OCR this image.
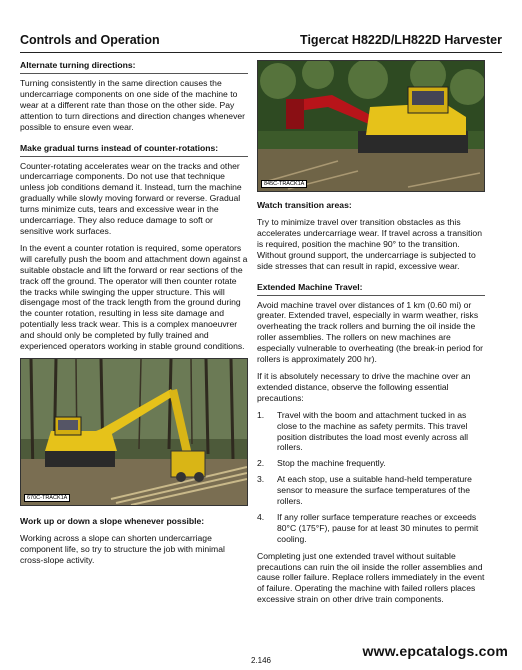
Controls and Operation	Tigercat H822D/LH822D Harvester
Alternate turning directions:

Turning consistently in the same direction causes the undercarriage components on one side of the machine to wear at a different rate than those on the other side. Pay attention to turn directions and direction changes whenever possible to ensure even wear.

Make gradual turns instead of counter-rotations:

Counter-rotating accelerates wear on the tracks and other undercarriage components. Do not use that technique unless job conditions demand it. Instead, turn the machine gradually while slowly moving forward or reverse. Gradual turns minimize cuts, tears and excessive wear in the undercarriage. They also reduce damage to soft or sensitive work surfaces.

In the event a counter rotation is required, some operators will carefully push the boom and attachment down against a suitable obstacle and lift the forward or rear sections of the track off the ground. The operator will then counter rotate the tracks while swinging the upper structure. This will disengage most of the track length from the ground during the counter rotation, resulting in less site damage and potentially less track wear. This is a complex manoeuvrer and should only be completed by fully trained and experienced operators working in stable ground conditions.

670C-TRACK1A
Work up or down a slope whenever possible:

Working across a slope can shorten undercarriage component life, so try to structure the job with minimal cross-slope activity.

845C-TRACK1A
Watch transition areas:

Try to minimize travel over transition obstacles as this accelerates undercarriage wear. If travel across a transition is required, position the machine 90° to the transition. Without ground support, the undercarriage is subjected to side stresses that can result in rapid, excessive wear.

Extended Machine Travel:

Avoid machine travel over distances of 1 km (0.60 mi) or greater. Extended travel, especially in warm weather, risks overheating the track rollers and burning the oil inside the roller assemblies. The rollers on new machines are especially vulnerable to overheating (the break-in period for rollers is approximately 200 hr).

If it is absolutely necessary to drive the machine over an extended distance, observe the following essential precautions:

1. Travel with the boom and attachment tucked in as close to the machine as safety permits. This travel position distributes the load most evenly across all rollers.
2. Stop the machine frequently.
3. At each stop, use a suitable hand-held temperature sensor to measure the surface temperatures of the rollers.
4. If any roller surface temperature reaches or exceeds 80°C (175°F), pause for at least 30 minutes to permit cooling.

Completing just one extended travel without suitable precautions can ruin the oil inside the roller assemblies and cause roller failure. Replace rollers immediately in the event of failure. Operating the machine with failed rollers places excessive strain on other drive train components.

www.epcatalogs.com
2.146
